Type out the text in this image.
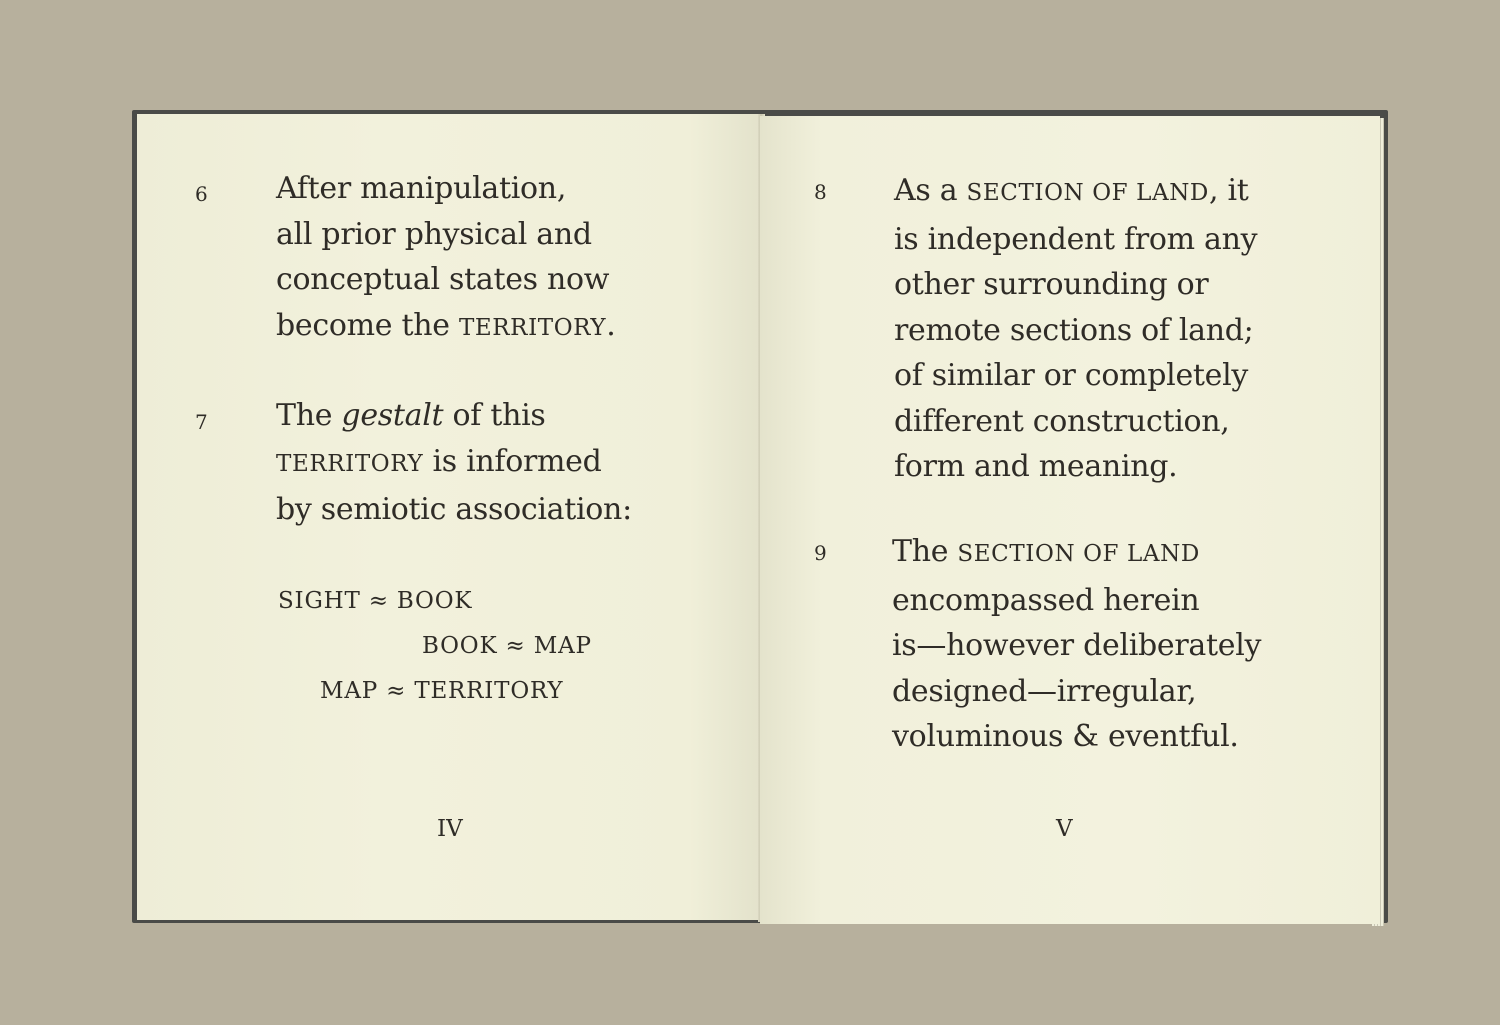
6 After manipulation,
all prior physical and
conceptual states now
become the TERRITORY.
7 The gestalt of this
TERRITORY is informed
by semiotic association:
SIGHT ≈ BOOK
BOOK ≈ MAP
MAP ≈ TERRITORY
IV
8 As a SECTION OF LAND, it
is independent from any
other surrounding or
remote sections of land;
of similar or completely
different construction,
form and meaning.
9 The SECTION OF LAND
encompassed herein
is—however deliberately
designed—irregular,
voluminous & eventful.
V
